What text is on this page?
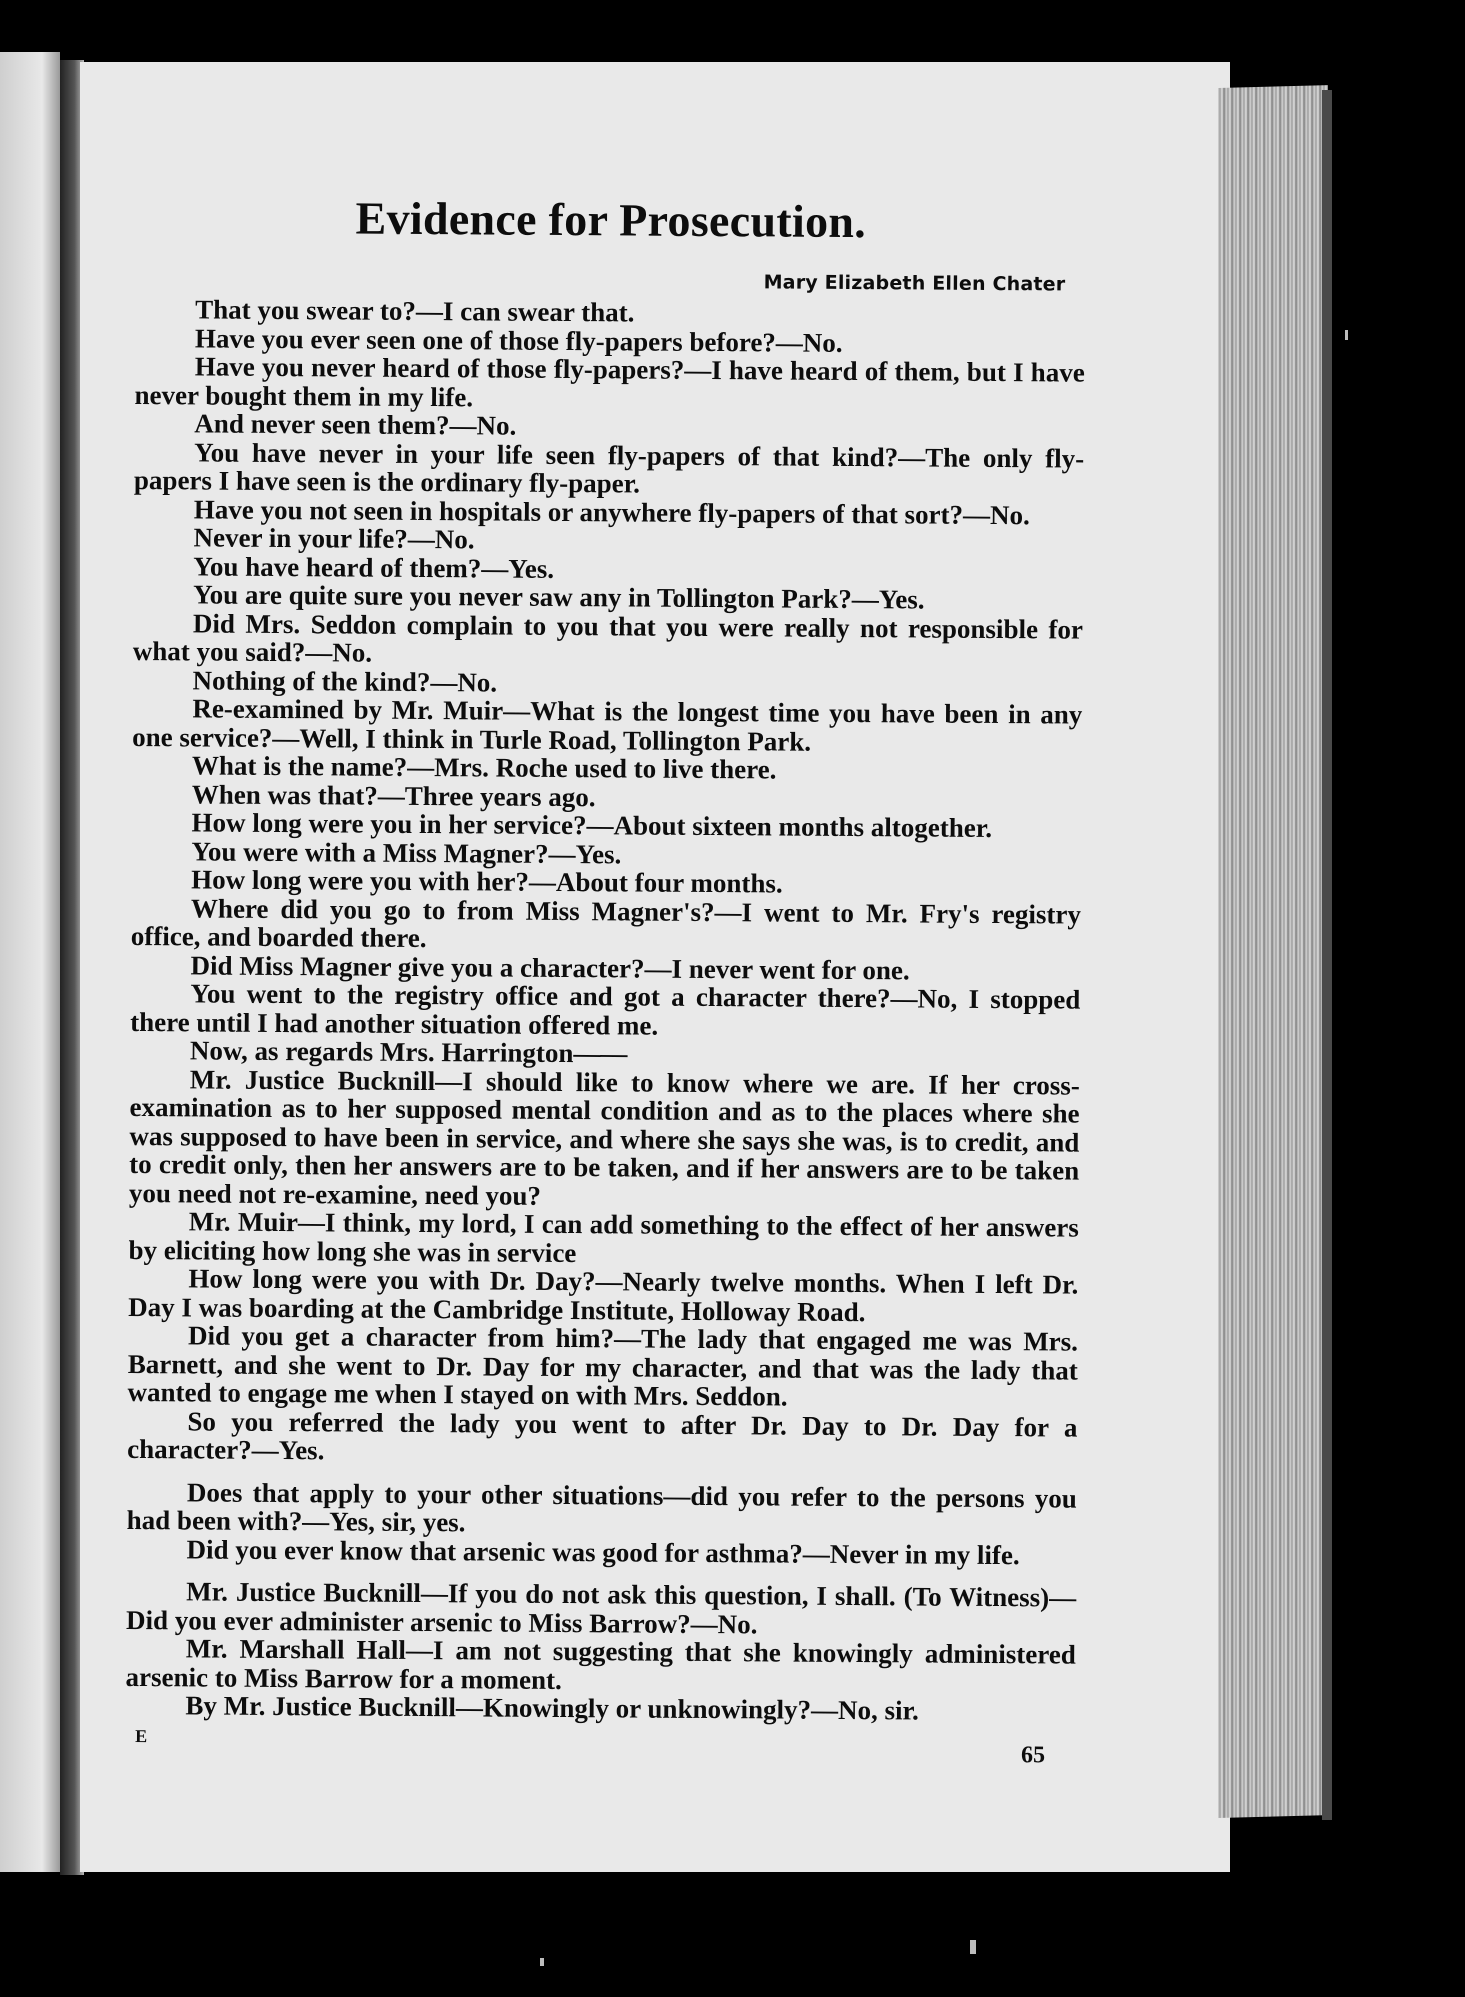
Evidence for Prosecution.
Mary Elizabeth Ellen Chater

That you swear to?—I can swear that.

Have you ever seen one of those fly-papers before?—No.

Have you never heard of those fly-papers?—I have heard of them, but I have never bought them in my life.

And never seen them?—No.

You have never in your life seen fly-papers of that kind?—The only fly-papers I have seen is the ordinary fly-paper.

Have you not seen in hospitals or anywhere fly-papers of that sort?—No.

Never in your life?—No.

You have heard of them?—Yes.

You are quite sure you never saw any in Tollington Park?—Yes.

Did Mrs. Seddon complain to you that you were really not responsible for what you said?—No.

Nothing of the kind?—No.

Re-examined by Mr. Muir—What is the longest time you have been in any one service?—Well, I think in Turle Road, Tollington Park.

What is the name?—Mrs. Roche used to live there.

When was that?—Three years ago.

How long were you in her service?—About sixteen months altogether.

You were with a Miss Magner?—Yes.

How long were you with her?—About four months.

Where did you go to from Miss Magner's?—I went to Mr. Fry's registry office, and boarded there.

Did Miss Magner give you a character?—I never went for one.

You went to the registry office and got a character there?—No, I stopped there until I had another situation offered me.

Now, as regards Mrs. Harrington——

Mr. Justice Bucknill—I should like to know where we are. If her cross-examination as to her supposed mental condition and as to the places where she was supposed to have been in service, and where she says she was, is to credit, and to credit only, then her answers are to be taken, and if her answers are to be taken you need not re-examine, need you?

Mr. Muir—I think, my lord, I can add something to the effect of her answers by eliciting how long she was in service

How long were you with Dr. Day?—Nearly twelve months. When I left Dr. Day I was boarding at the Cambridge Institute, Holloway Road.

Did you get a character from him?—The lady that engaged me was Mrs. Barnett, and she went to Dr. Day for my character, and that was the lady that wanted to engage me when I stayed on with Mrs. Seddon.

So you referred the lady you went to after Dr. Day to Dr. Day for a character?—Yes.

Does that apply to your other situations—did you refer to the persons you had been with?—Yes, sir, yes.

Did you ever know that arsenic was good for asthma?—Never in my life.

Mr. Justice Bucknill—If you do not ask this question, I shall. (To Witness)—Did you ever administer arsenic to Miss Barrow?—No.

Mr. Marshall Hall—I am not suggesting that she knowingly administered arsenic to Miss Barrow for a moment.

By Mr. Justice Bucknill—Knowingly or unknowingly?—No, sir.

E
65
